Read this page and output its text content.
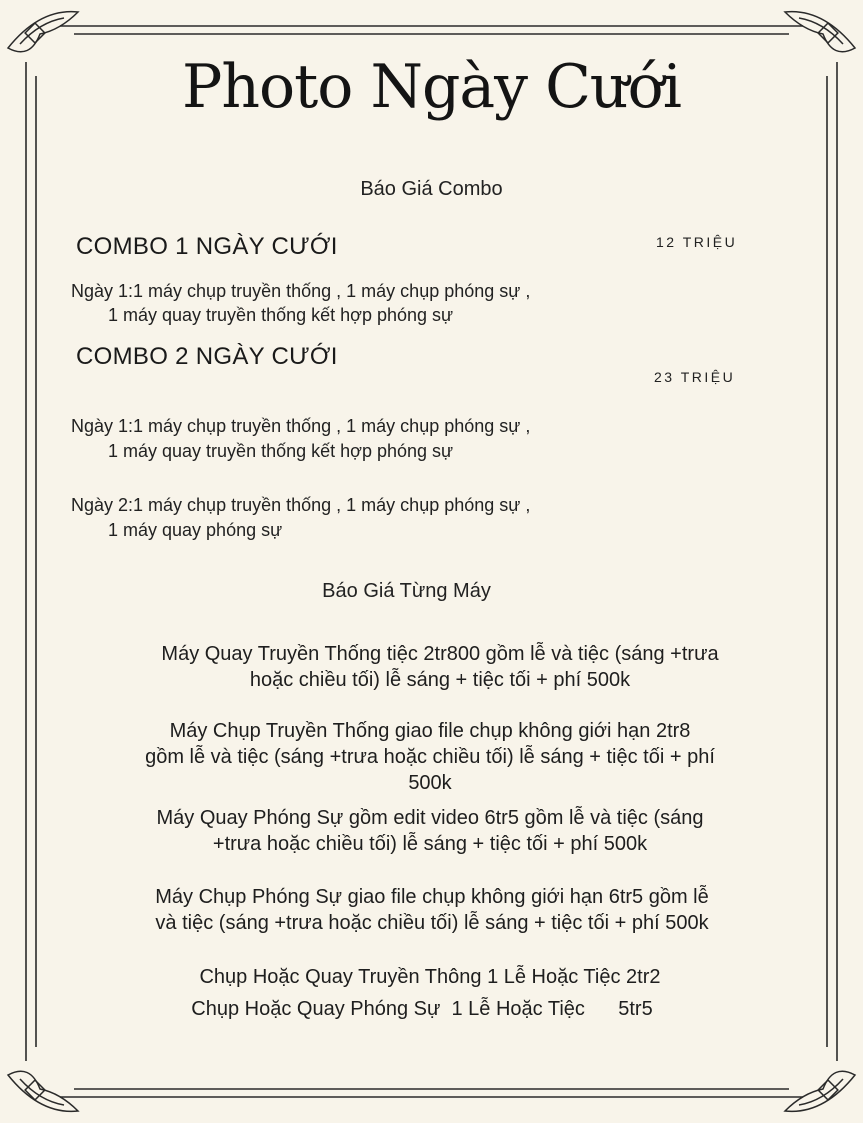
Photo Ngày Cưới
Báo Giá Combo
COMBO 1 NGÀY CƯỚI	12 TRIỆU
Ngày 1:1 máy chụp truyền thống , 1 máy chụp phóng sự ,
1 máy quay truyền thống kết hợp phóng sự
COMBO 2 NGÀY CƯỚI
23 TRIỆU
Ngày 1:1 máy chụp truyền thống , 1 máy chụp phóng sự ,
1 máy quay truyền thống kết hợp phóng sự
Ngày 2:1 máy chụp truyền thống , 1 máy chụp phóng sự ,
1 máy quay phóng sự
Báo Giá Từng Máy
Máy Quay Truyền Thống tiệc 2tr800 gồm lễ và tiệc (sáng +trưa
hoặc chiều tối) lễ sáng + tiệc tối + phí 500k
Máy Chụp Truyền Thống giao file chụp không giới hạn 2tr8
gồm lễ và tiệc (sáng +trưa hoặc chiều tối) lễ sáng + tiệc tối + phí
500k
Máy Quay Phóng Sự gồm edit video 6tr5 gồm lễ và tiệc (sáng
+trưa hoặc chiều tối) lễ sáng + tiệc tối + phí 500k
Máy Chụp Phóng Sự giao file chụp không giới hạn 6tr5 gồm lễ
và tiệc (sáng +trưa hoặc chiều tối) lễ sáng + tiệc tối + phí 500k
Chụp Hoặc Quay Truyền Thông 1 Lễ Hoặc Tiệc 2tr2
Chụp Hoặc Quay Phóng Sự  1 Lễ Hoặc Tiệc      5tr5
